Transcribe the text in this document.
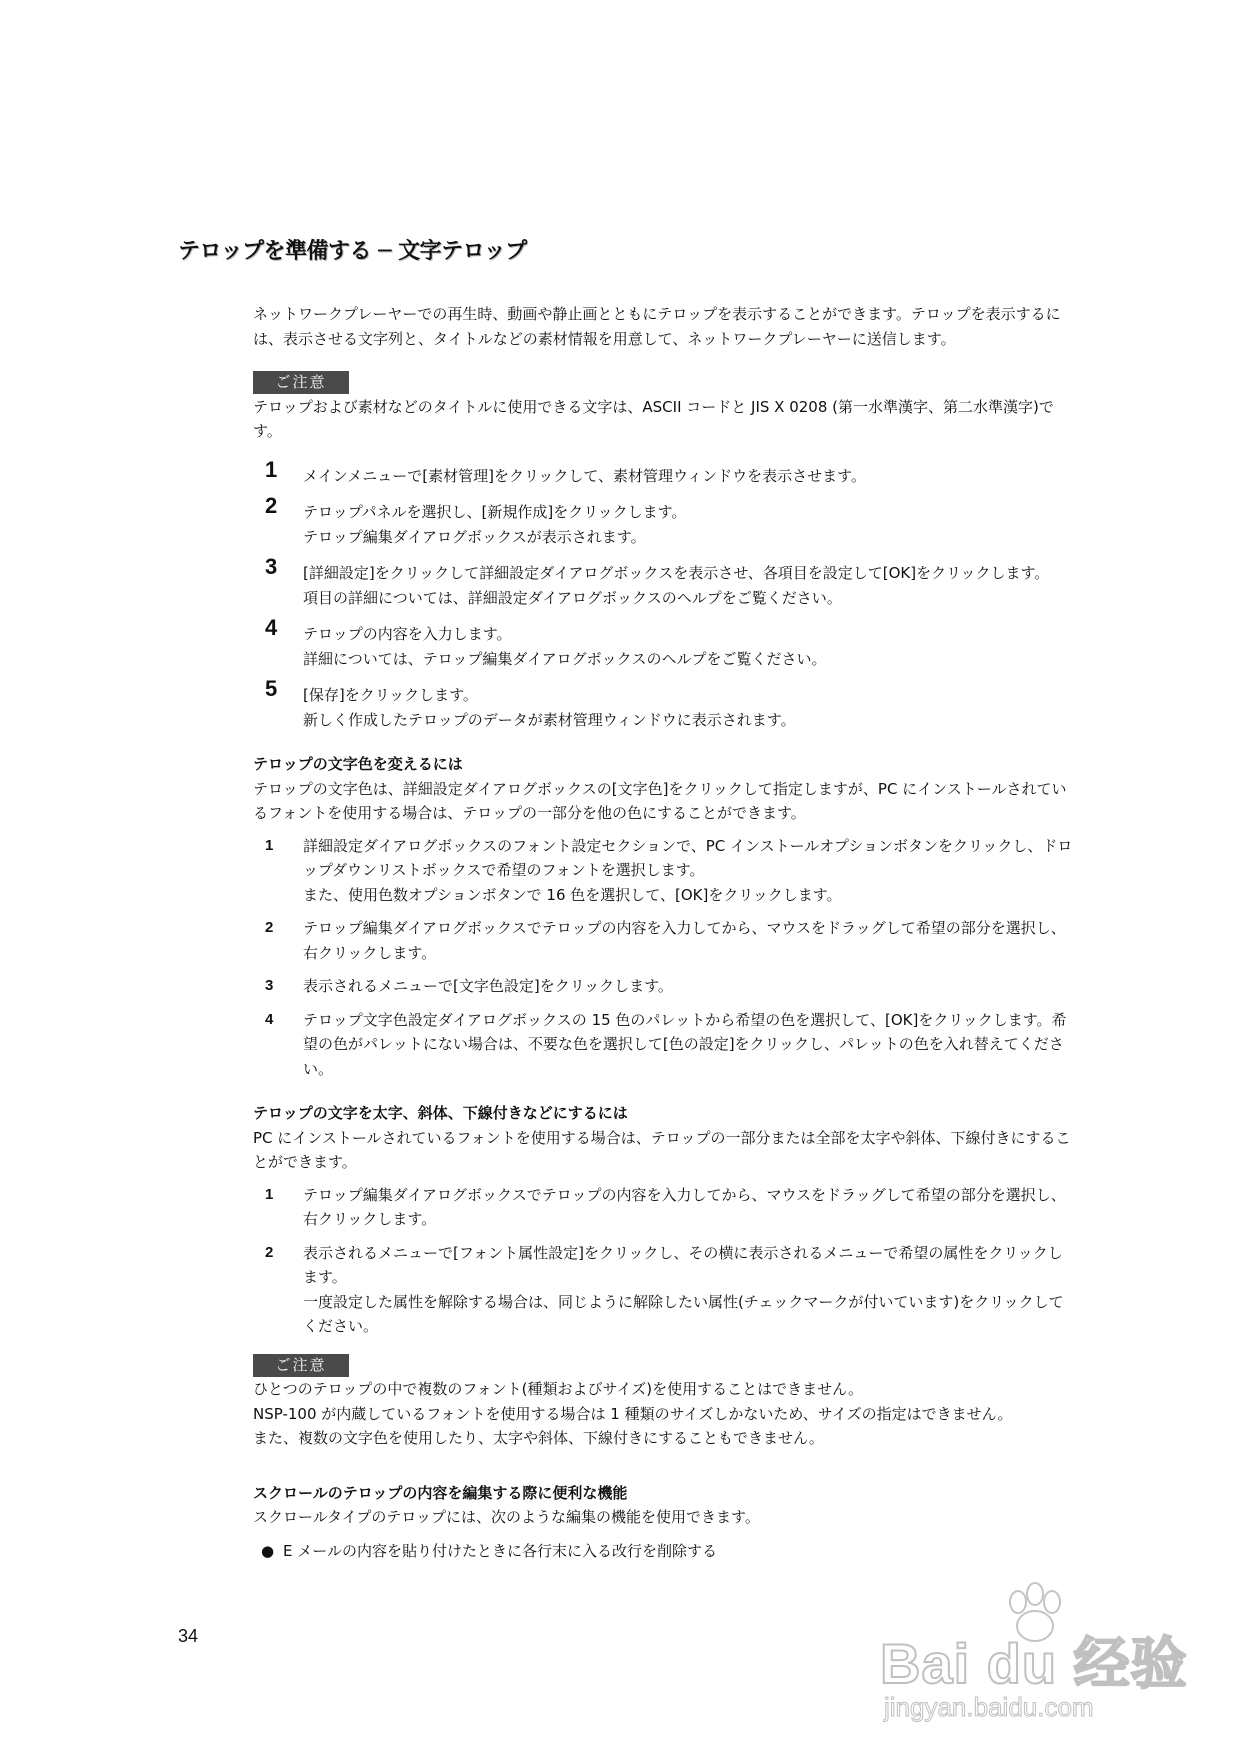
テロップを準備する ─ 文字テロップ

ネットワークプレーヤーでの再生時、動画や静止画とともにテロップを表示することができます。テロップを表示するには、表示させる文字列と、タイトルなどの素材情報を用意して、ネットワークプレーヤーに送信します。

ご注意

テロップおよび素材などのタイトルに使用できる文字は、ASCII コードと JIS X 0208 (第一水準漢字、第二水準漢字)です。

1 メインメニューで[素材管理]をクリックして、素材管理ウィンドウを表示させます。

2 テロップパネルを選択し、[新規作成]をクリックします。

テロップ編集ダイアログボックスが表示されます。

3 [詳細設定]をクリックして詳細設定ダイアログボックスを表示させ、各項目を設定して[OK]をクリックします。

項目の詳細については、詳細設定ダイアログボックスのヘルプをご覧ください。

4 テロップの内容を入力します。

詳細については、テロップ編集ダイアログボックスのヘルプをご覧ください。

5 [保存]をクリックします。

新しく作成したテロップのデータが素材管理ウィンドウに表示されます。

テロップの文字色を変えるには

テロップの文字色は、詳細設定ダイアログボックスの[文字色]をクリックして指定しますが、PC にインストールされているフォントを使用する場合は、テロップの一部分を他の色にすることができます。

1 詳細設定ダイアログボックスのフォント設定セクションで、PC インストールオプションボタンをクリックし、ドロップダウンリストボックスで希望のフォントを選択します。

また、使用色数オプションボタンで 16 色を選択して、[OK]をクリックします。

2 テロップ編集ダイアログボックスでテロップの内容を入力してから、マウスをドラッグして希望の部分を選択し、右クリックします。

3 表示されるメニューで[文字色設定]をクリックします。

4 テロップ文字色設定ダイアログボックスの 15 色のパレットから希望の色を選択して、[OK]をクリックします。希望の色がパレットにない場合は、不要な色を選択して[色の設定]をクリックし、パレットの色を入れ替えてください。

テロップの文字を太字、斜体、下線付きなどにするには

PC にインストールされているフォントを使用する場合は、テロップの一部分または全部を太字や斜体、下線付きにすることができます。

1 テロップ編集ダイアログボックスでテロップの内容を入力してから、マウスをドラッグして希望の部分を選択し、右クリックします。

2 表示されるメニューで[フォント属性設定]をクリックし、その横に表示されるメニューで希望の属性をクリックします。

一度設定した属性を解除する場合は、同じように解除したい属性(チェックマークが付いています)をクリックしてください。

ご注意

ひとつのテロップの中で複数のフォント(種類およびサイズ)を使用することはできません。

NSP-100 が内蔵しているフォントを使用する場合は 1 種類のサイズしかないため、サイズの指定はできません。

また、複数の文字色を使用したり、太字や斜体、下線付きにすることもできません。

スクロールのテロップの内容を編集する際に便利な機能

スクロールタイプのテロップには、次のような編集の機能を使用できます。

● E メールの内容を貼り付けたときに各行末に入る改行を削除する

34	Bai du 经验
jingyan.baidu.com
